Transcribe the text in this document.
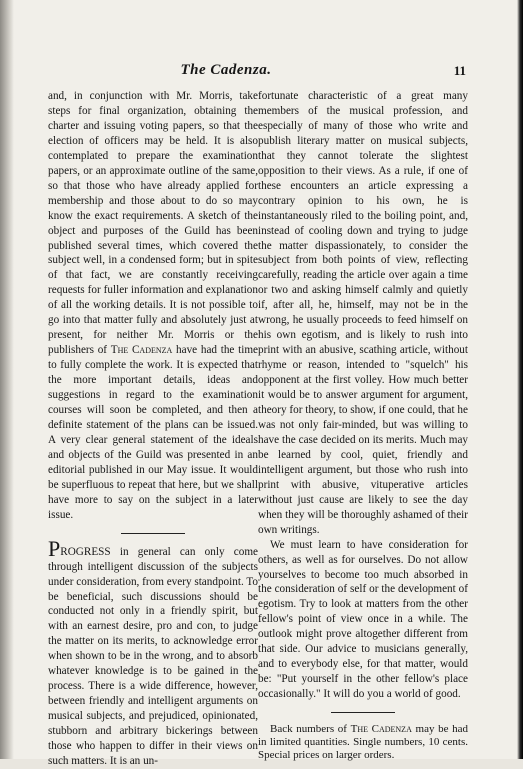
The Cadenza.	11

and, in conjunction with Mr. Morris, take steps for final organization, obtaining the charter and issuing voting papers, so that the election of officers may be held. It is also contemplated to prepare the examination papers, or an approximate outline of the same, so that those who have already applied for membership and those about to do so may know the exact requirements. A sketch of the object and purposes of the Guild has been published several times, which covered the subject well, in a condensed form; but in spite of that fact, we are constantly receiving requests for fuller information and explanation of all the working details. It is not possible to go into that matter fully and absolutely just at present, for neither Mr. Morris or the publishers of The Cadenza have had the time to fully complete the work. It is expected that the more important details, ideas and suggestions in regard to the examination courses will soon be completed, and then a definite statement of the plans can be issued. A very clear general statement of the ideals and objects of the Guild was presented in an editorial published in our May issue. It would be superfluous to repeat that here, but we shall have more to say on the subject in a later issue.

PROGRESS in general can only come through intelligent discussion of the subjects under consideration, from every standpoint. To be beneficial, such discussions should be conducted not only in a friendly spirit, but with an earnest desire, pro and con, to judge the matter on its merits, to acknowledge error when shown to be in the wrong, and to absorb whatever knowledge is to be gained in the process. There is a wide difference, however, between friendly and intelligent arguments on musical subjects, and prejudiced, opinionated, stubborn and arbitrary bickerings between those who happen to differ in their views on such matters. It is an un-

fortunate characteristic of a great many members of the musical profession, and especially of many of those who write and publish literary matter on musical subjects, that they cannot tolerate the slightest opposition to their views. As a rule, if one of these encounters an article expressing a contrary opinion to his own, he is instantaneously riled to the boiling point, and, instead of cooling down and trying to judge the matter dispassionately, to consider the subject from both points of view, reflecting carefully, reading the article over again a time or two and asking himself calmly and quietly if, after all, he, himself, may not be in the wrong, he usually proceeds to feed himself on his own egotism, and is likely to rush into print with an abusive, scathing article, without rhyme or reason, intended to "squelch" his opponent at the first volley. How much better it would be to answer argument for argument, theory for theory, to show, if one could, that he was not only fair-minded, but was willing to have the case decided on its merits. Much may be learned by cool, quiet, friendly and intelligent argument, but those who rush into print with abusive, vituperative articles without just cause are likely to see the day when they will be thoroughly ashamed of their own writings.

We must learn to have consideration for others, as well as for ourselves. Do not allow yourselves to become too much absorbed in the consideration of self or the development of egotism. Try to look at matters from the other fellow's point of view once in a while. The outlook might prove altogether different from that side. Our advice to musicians generally, and to everybody else, for that matter, would be: "Put yourself in the other fellow's place occasionally." It will do you a world of good.

Back numbers of The Cadenza may be had in limited quantities. Single numbers, 10 cents. Special prices on larger orders.
